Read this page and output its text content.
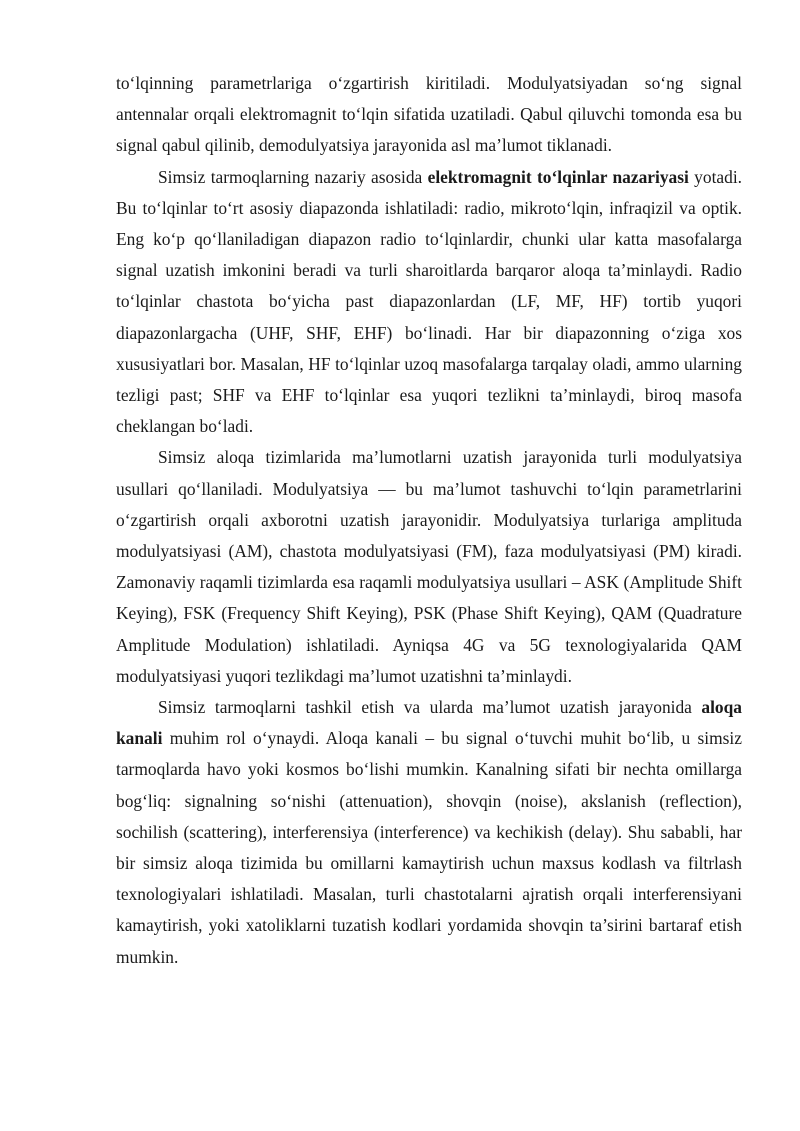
to‘lqinning parametrlariga o‘zgartirish kiritiladi. Modulyatsiyadan so‘ng signal antennalar orqali elektromagnit to‘lqin sifatida uzatiladi. Qabul qiluvchi tomonda esa bu signal qabul qilinib, demodulyatsiya jarayonida asl ma’lumot tiklanadi.

Simsiz tarmoqlarning nazariy asosida elektromagnit to‘lqinlar nazariyasi yotadi. Bu to‘lqinlar to‘rt asosiy diapazonda ishlatiladi: radio, mikroto‘lqin, infraqizil va optik. Eng ko‘p qo‘llaniladigan diapazon radio to‘lqinlardir, chunki ular katta masofalarga signal uzatish imkonini beradi va turli sharoitlarda barqaror aloqa ta’minlaydi. Radio to‘lqinlar chastota bo‘yicha past diapazonlardan (LF, MF, HF) tortib yuqori diapazonlargacha (UHF, SHF, EHF) bo‘linadi. Har bir diapazonning o‘ziga xos xususiyatlari bor. Masalan, HF to‘lqinlar uzoq masofalarga tarqalay oladi, ammo ularning tezligi past; SHF va EHF to‘lqinlar esa yuqori tezlikni ta’minlaydi, biroq masofa cheklangan bo‘ladi.

Simsiz aloqa tizimlarida ma’lumotlarni uzatish jarayonida turli modulyatsiya usullari qo‘llaniladi. Modulyatsiya — bu ma’lumot tashuvchi to‘lqin parametrlarini o‘zgartirish orqali axborotni uzatish jarayonidir. Modulyatsiya turlariga amplituda modulyatsiyasi (AM), chastota modulyatsiyasi (FM), faza modulyatsiyasi (PM) kiradi. Zamonaviy raqamli tizimlarda esa raqamli modulyatsiya usullari – ASK (Amplitude Shift Keying), FSK (Frequency Shift Keying), PSK (Phase Shift Keying), QAM (Quadrature Amplitude Modulation) ishlatiladi. Ayniqsa 4G va 5G texnologiyalarida QAM modulyatsiyasi yuqori tezlikdagi ma’lumot uzatishni ta’minlaydi.

Simsiz tarmoqlarni tashkil etish va ularda ma’lumot uzatish jarayonida aloqa kanali muhim rol o‘ynaydi. Aloqa kanali – bu signal o‘tuvchi muhit bo‘lib, u simsiz tarmoqlarda havo yoki kosmos bo‘lishi mumkin. Kanalning sifati bir nechta omillarga bog‘liq: signalning so‘nishi (attenuation), shovqin (noise), akslanish (reflection), sochilish (scattering), interferensiya (interference) va kechikish (delay). Shu sababli, har bir simsiz aloqa tizimida bu omillarni kamaytirish uchun maxsus kodlash va filtrlash texnologiyalari ishlatiladi. Masalan, turli chastotalarni ajratish orqali interferensiyani kamaytirish, yoki xatoliklarni tuzatish kodlari yordamida shovqin ta’sirini bartaraf etish mumkin.
